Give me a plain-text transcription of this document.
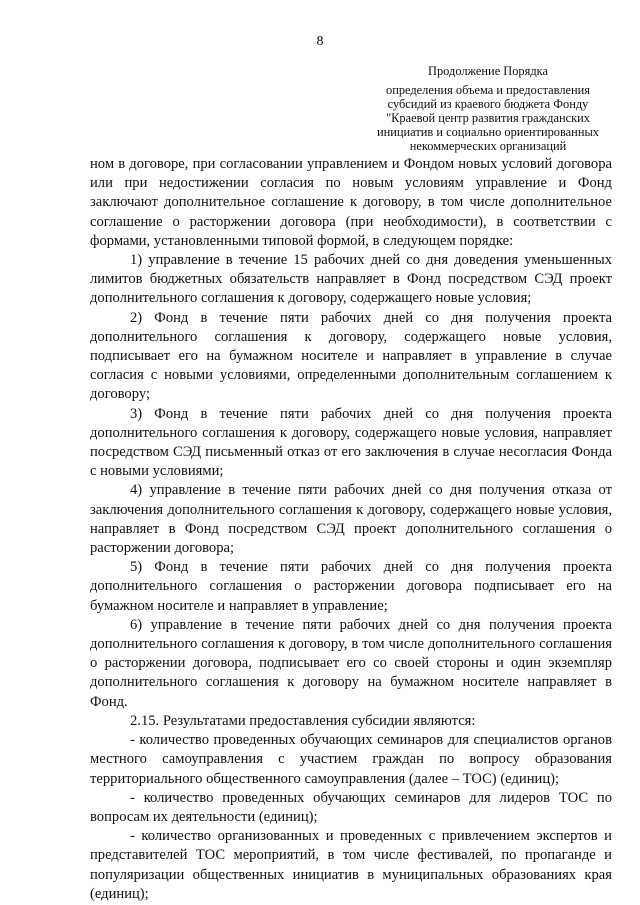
8
Продолжение Порядка
определения объема и предоставления
субсидий из краевого бюджета Фонду
"Краевой центр развития гражданских
инициатив и социально ориентированных
некоммерческих организаций

ном в договоре, при согласовании управлением и Фондом новых условий договора или при недостижении согласия по новым условиям управление и Фонд заключают дополнительное соглашение к договору, в том числе дополнительное соглашение о расторжении договора (при необходимости), в соответствии с формами, установленными типовой формой, в следующем порядке:

1) управление в течение 15 рабочих дней со дня доведения уменьшенных лимитов бюджетных обязательств направляет в Фонд посредством СЭД проект дополнительного соглашения к договору, содержащего новые условия;

2) Фонд в течение пяти рабочих дней со дня получения проекта дополнительного соглашения к договору, содержащего новые условия, подписывает его на бумажном носителе и направляет в управление в случае согласия с новыми условиями, определенными дополнительным соглашением к договору;

3) Фонд в течение пяти рабочих дней со дня получения проекта дополнительного соглашения к договору, содержащего новые условия, направляет посредством СЭД письменный отказ от его заключения в случае несогласия Фонда с новыми условиями;

4) управление в течение пяти рабочих дней со дня получения отказа от заключения дополнительного соглашения к договору, содержащего новые условия, направляет в Фонд посредством СЭД проект дополнительного соглашения о расторжении договора;

5) Фонд в течение пяти рабочих дней со дня получения проекта дополнительного соглашения о расторжении договора подписывает его на бумажном носителе и направляет в управление;

6) управление в течение пяти рабочих дней со дня получения проекта дополнительного соглашения к договору, в том числе дополнительного соглашения о расторжении договора, подписывает его со своей стороны и один экземпляр дополнительного соглашения к договору на бумажном носителе направляет в Фонд.

2.15. Результатами предоставления субсидии являются:

- количество проведенных обучающих семинаров для специалистов органов местного самоуправления с участием граждан по вопросу образования территориального общественного самоуправления (далее – ТОС) (единиц);

- количество проведенных обучающих семинаров для лидеров ТОС по вопросам их деятельности (единиц);

- количество организованных и проведенных с привлечением экспертов и представителей ТОС мероприятий, в том числе фестивалей, по пропаганде и популяризации общественных инициатив в муниципальных образованиях края (единиц);
